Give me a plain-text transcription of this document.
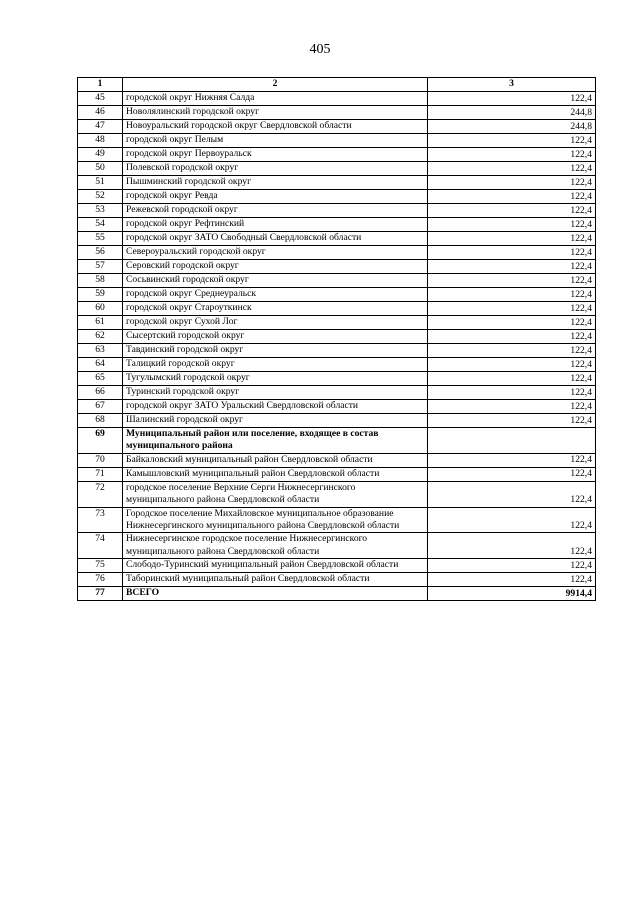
405
1	2	3
45	городской округ Нижняя Салда	122,4
46	Новолялинский городской округ	244,8
47	Новоуральский городской округ Свердловской области	244,8
48	городской округ Пелым	122,4
49	городской округ Первоуральск	122,4
50	Полевской городской округ	122,4
51	Пышминский городской округ	122,4
52	городской округ Ревда	122,4
53	Режевской городской округ	122,4
54	городской округ Рефтинский	122,4
55	городской округ ЗАТО Свободный Свердловской области	122,4
56	Североуральский городской округ	122,4
57	Серовский городской округ	122,4
58	Сосьвинский городской округ	122,4
59	городской округ Среднеуральск	122,4
60	городской округ Староуткинск	122,4
61	городской округ Сухой Лог	122,4
62	Сысертский городской округ	122,4
63	Тавдинский городской округ	122,4
64	Талицкий городской округ	122,4
65	Тугулымский городской округ	122,4
66	Туринский городской округ	122,4
67	городской округ ЗАТО Уральский Свердловской области	122,4
68	Шалинский городской округ	122,4
69	Муниципальный район или поселение, входящее в состав муниципального района	
70	Байкаловский муниципальный район Свердловской области	122,4
71	Камышловский муниципальный район Свердловской области	122,4
72	городское поселение Верхние Серги Нижнесергинского муниципального района Свердловской области	122,4
73	Городское поселение Михайловское муниципальное образование Нижнесергинского муниципального района Свердловской области	122,4
74	Нижнесергинское городское поселение Нижнесергинского муниципального района Свердловской области	122,4
75	Слободо-Туринский муниципальный район Свердловской области	122,4
76	Таборинский муниципальный район Свердловской области	122,4
77	ВСЕГО	9914,4
